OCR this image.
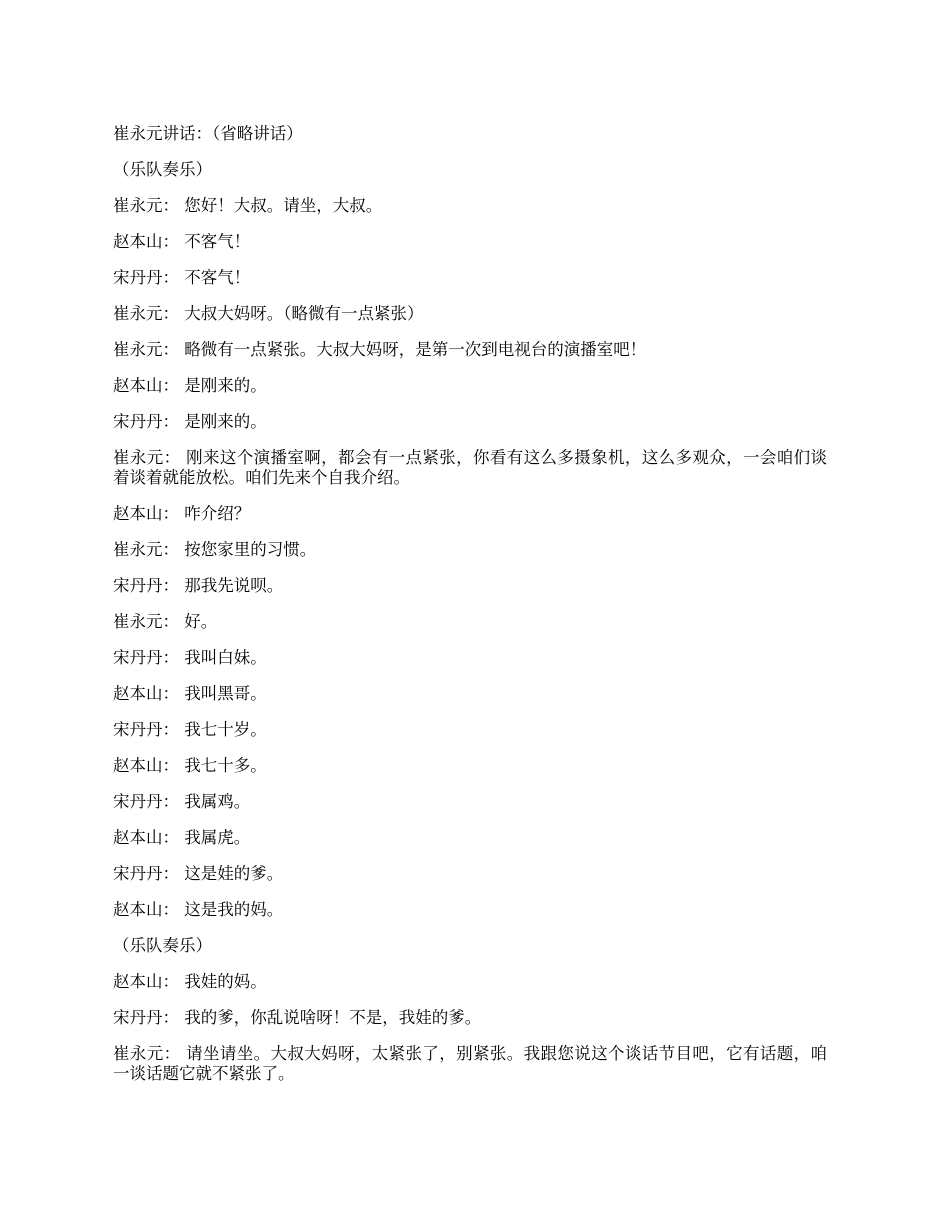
崔永元讲话：（省略讲话）

（乐队奏乐）

崔永元： 您好！大叔。请坐，大叔。

赵本山： 不客气！

宋丹丹： 不客气！

崔永元： 大叔大妈呀。（略微有一点紧张）

崔永元： 略微有一点紧张。大叔大妈呀，是第一次到电视台的演播室吧！

赵本山： 是刚来的。

宋丹丹： 是刚来的。

崔永元： 刚来这个演播室啊，都会有一点紧张，你看有这么多摄象机，这么多观众，一会咱们谈着谈着就能放松。咱们先来个自我介绍。

赵本山： 咋介绍？

崔永元： 按您家里的习惯。

宋丹丹： 那我先说呗。

崔永元： 好。

宋丹丹： 我叫白妹。

赵本山： 我叫黑哥。

宋丹丹： 我七十岁。

赵本山： 我七十多。

宋丹丹： 我属鸡。

赵本山： 我属虎。

宋丹丹： 这是娃的爹。

赵本山： 这是我的妈。

（乐队奏乐）

赵本山： 我娃的妈。

宋丹丹： 我的爹，你乱说啥呀！不是，我娃的爹。

崔永元： 请坐请坐。大叔大妈呀，太紧张了，别紧张。我跟您说这个谈话节目吧，它有话题，咱一谈话题它就不紧张了。
